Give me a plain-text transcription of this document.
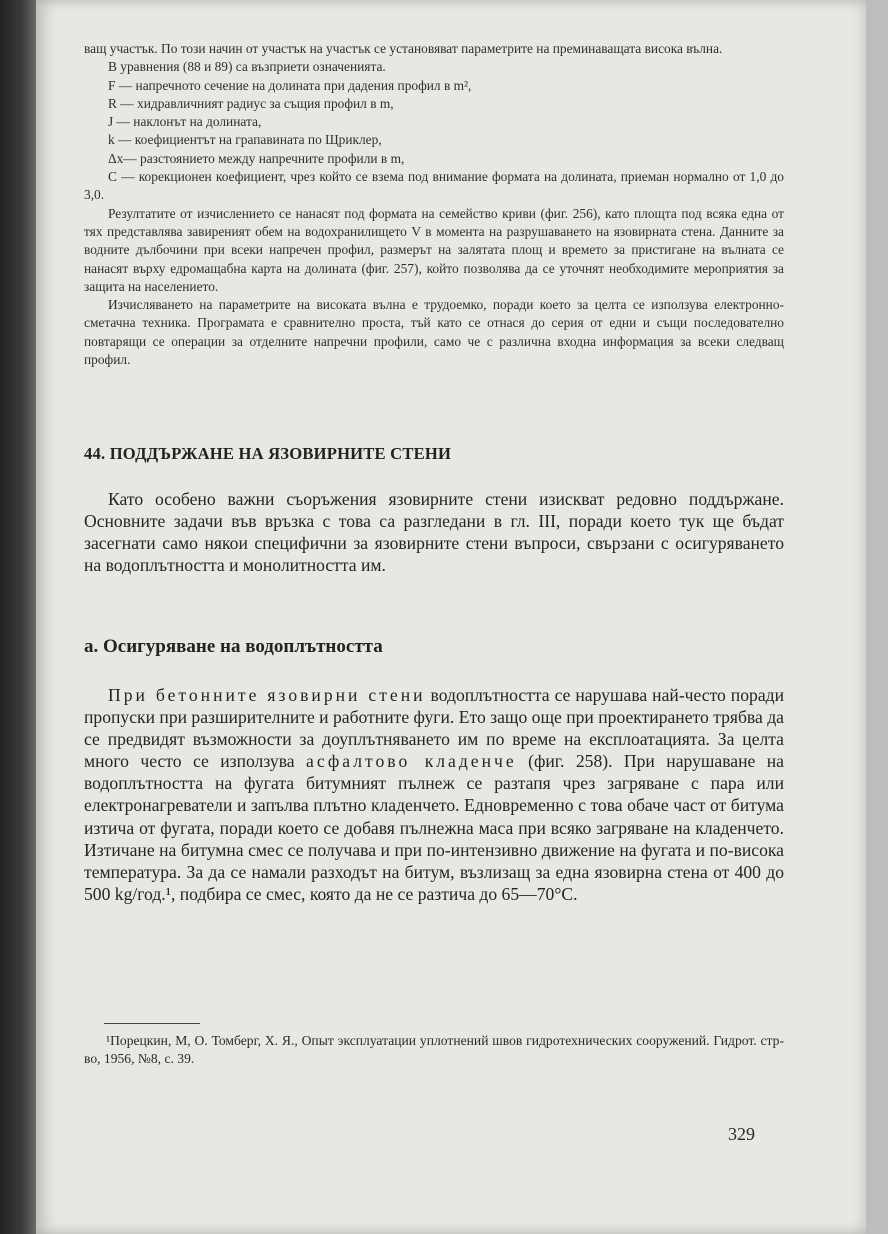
ващ участък. По този начин от участък на участък се установяват параметрите на преминаващата висока вълна.

В уравнения (88 и 89) са възприети означенията.

F — напречното сечение на долината при дадения профил в m²,

R — хидравличният радиус за същия профил в m,

J — наклонът на долината,

k — коефициентът на грапавината по Щриклер,

Δx— разстоянието между напречните профили в m,

C — корекционен коефициент, чрез който се взема под внимание формата на долината, приеман нормално от 1,0 до 3,0.

Резултатите от изчислението се нанасят под формата на семейство криви (фиг. 256), като площта под всяка една от тях представлява завиреният обем на водохранилището V в момента на разрушаването на язовирната стена. Данните за водните дълбочини при всеки напречен профил, размерът на залятата площ и времето за пристигане на вълната се нанасят върху едромащабна карта на долината (фиг. 257), който позволява да се уточнят необходимите мероприятия за защита на населението.

Изчисляването на параметрите на високата вълна е трудоемко, поради което за целта се използува електронно-сметачна техника. Програмата е сравнително проста, тъй като се отнася до серия от едни и същи последователно повтарящи се операции за отделните напречни профили, само че с различна входна информация за всеки следващ профил.

44. ПОДДЪРЖАНЕ НА ЯЗОВИРНИТЕ СТЕНИ

Като особено важни съоръжения язовирните стени изискват редовно поддържане. Основните задачи във връзка с това са разгледани в гл. III, поради което тук ще бъдат засегнати само някои специфични за язовирните стени въпроси, свързани с осигуряването на водоплътността и монолитността им.

а. Осигуряване на водоплътността

При бетонните язовирни стени водоплътността се нарушава най-често поради пропуски при разширителните и работните фуги. Ето защо още при проектирането трябва да се предвидят възможности за доуплътняването им по време на експлоатацията. За целта много често се използува асфалтово кладенче (фиг. 258). При нарушаване на водоплътността на фугата битумният пълнеж се разтапя чрез загряване с пара или електронагреватели и запълва плътно кладенчето. Едновременно с това обаче част от битума изтича от фугата, поради което се добавя пълнежна маса при всяко загряване на кладенчето. Изтичане на битумна смес се получава и при по-интензивно движение на фугата и по-висока температура. За да се намали разходът на битум, възлизащ за една язовирна стена от 400 до 500 kg/год.¹, подбира се смес, която да не се разтича до 65—70°C.

¹Порецкин, М, О. Томберг, Х. Я., Опыт эксплуатации уплотнений швов гидротехнических сооружений. Гидрот. стр-во, 1956, №8, с. 39.

329
